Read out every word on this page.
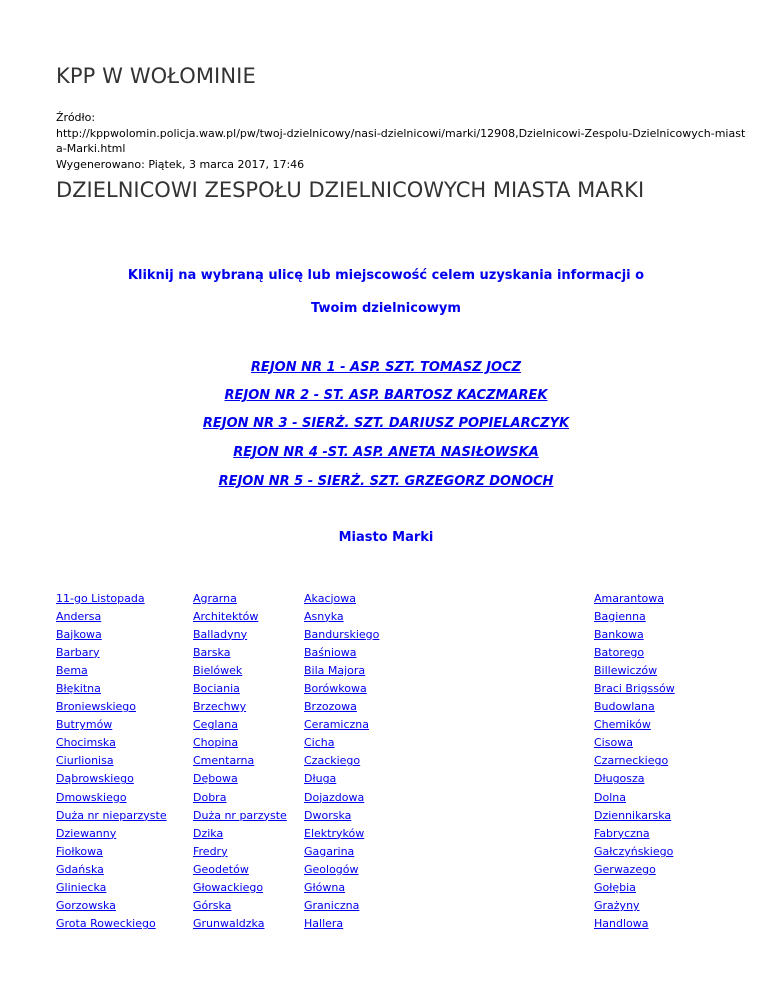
KPP W WOŁOMINIE
Źródło:
http://kppwolomin.policja.waw.pl/pw/twoj-dzielnicowy/nasi-dzielnicowi/marki/12908,Dzielnicowi-Zespolu-Dzielnicowych-miast
a-Marki.html
Wygenerowano: Piątek, 3 marca 2017, 17:46
DZIELNICOWI ZESPOŁU DZIELNICOWYCH MIASTA MARKI
Kliknij na wybraną ulicę lub miejscowość celem uzyskania informacji o
Twoim dzielnicowym
REJON NR 1 - ASP. SZT. TOMASZ JOCZ
REJON NR 2 - ST. ASP. BARTOSZ KACZMAREK
REJON NR 3 - SIERŻ. SZT. DARIUSZ POPIELARCZYK
REJON NR 4 -ST. ASP. ANETA NASIŁOWSKA
REJON NR 5 - SIERŻ. SZT. GRZEGORZ DONOCH
Miasto Marki
11-go Listopada	Agrarna	Akacjowa	Amarantowa
Andersa	Architektów	Asnyka	Bagienna
Bajkowa	Balladyny	Bandurskiego	Bankowa
Barbary	Barska	Baśniowa	Batorego
Bema	Bielówek	Bila Majora	Billewiczów
Błękitna	Bociania	Borówkowa	Braci Brigssów
Broniewskiego	Brzechwy	Brzozowa	Budowlana
Butrymów	Ceglana	Ceramiczna	Chemików
Chocimska	Chopina	Cicha	Cisowa
Ciurlionisa	Cmentarna	Czackiego	Czarneckiego
Dąbrowskiego	Dębowa	Długa	Długosza
Dmowskiego	Dobra	Dojazdowa	Dolna
Duża nr nieparzyste	Duża nr parzyste	Dworska	Dziennikarska
Dziewanny	Dzika	Elektryków	Fabryczna
Fiołkowa	Fredry	Gagarina	Gałczyńskiego
Gdańska	Geodetów	Geologów	Gerwazego
Gliniecka	Głowackiego	Główna	Gołębia
Gorzowska	Górska	Graniczna	Grażyny
Grota Roweckiego	Grunwaldzka	Hallera	Handlowa
